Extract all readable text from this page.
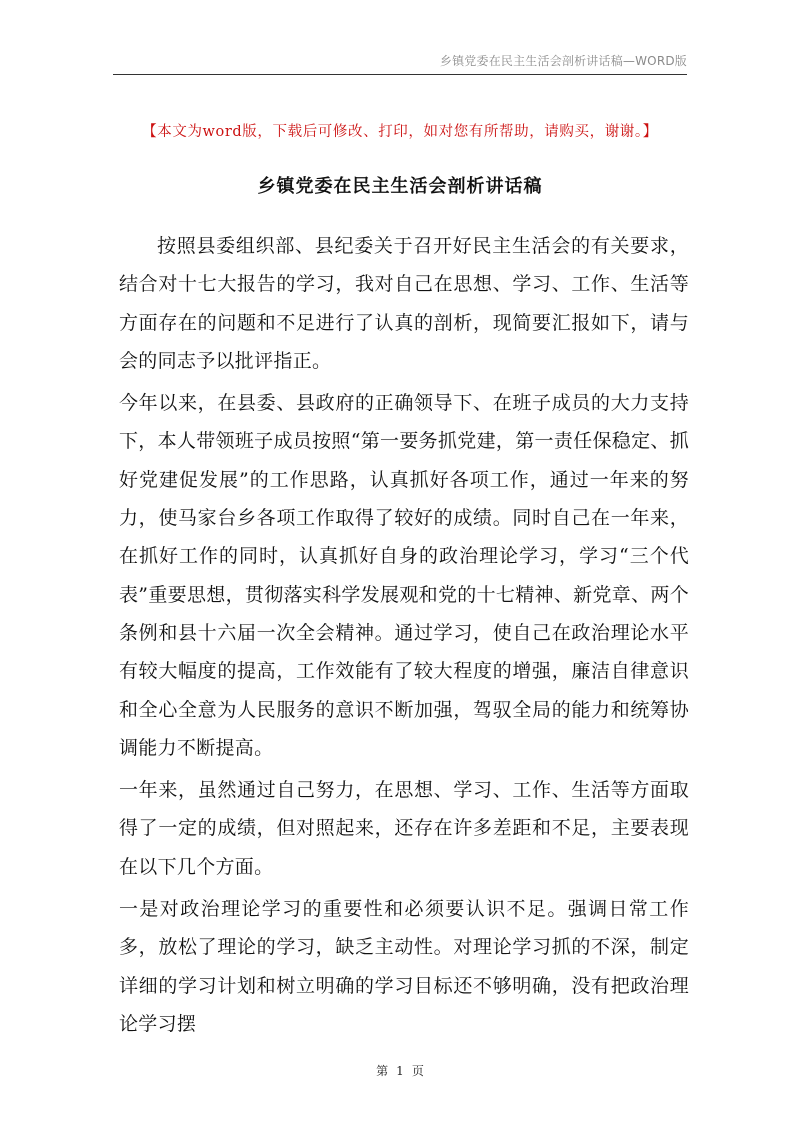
乡镇党委在民主生活会剖析讲话稿—WORD版
【本文为word版，下载后可修改、打印，如对您有所帮助，请购买，谢谢。】
乡镇党委在民主生活会剖析讲话稿

按照县委组织部、县纪委关于召开好民主生活会的有关要求，结合对十七大报告的学习，我对自己在思想、学习、工作、生活等方面存在的问题和不足进行了认真的剖析，现简要汇报如下，请与会的同志予以批评指正。

今年以来，在县委、县政府的正确领导下、在班子成员的大力支持下，本人带领班子成员按照“第一要务抓党建，第一责任保稳定、抓好党建促发展”的工作思路，认真抓好各项工作，通过一年来的努力，使马家台乡各项工作取得了较好的成绩。同时自己在一年来，在抓好工作的同时，认真抓好自身的政治理论学习，学习“三个代表”重要思想，贯彻落实科学发展观和党的十七精神、新党章、两个条例和县十六届一次全会精神。通过学习，使自己在政治理论水平有较大幅度的提高，工作效能有了较大程度的增强，廉洁自律意识和全心全意为人民服务的意识不断加强，驾驭全局的能力和统筹协调能力不断提高。

一年来，虽然通过自己努力，在思想、学习、工作、生活等方面取得了一定的成绩，但对照起来，还存在许多差距和不足，主要表现在以下几个方面。

一是对政治理论学习的重要性和必须要认识不足。强调日常工作多，放松了理论的学习，缺乏主动性。对理论学习抓的不深，制定详细的学习计划和树立明确的学习目标还不够明确，没有把政治理论学习摆

第 1 页
